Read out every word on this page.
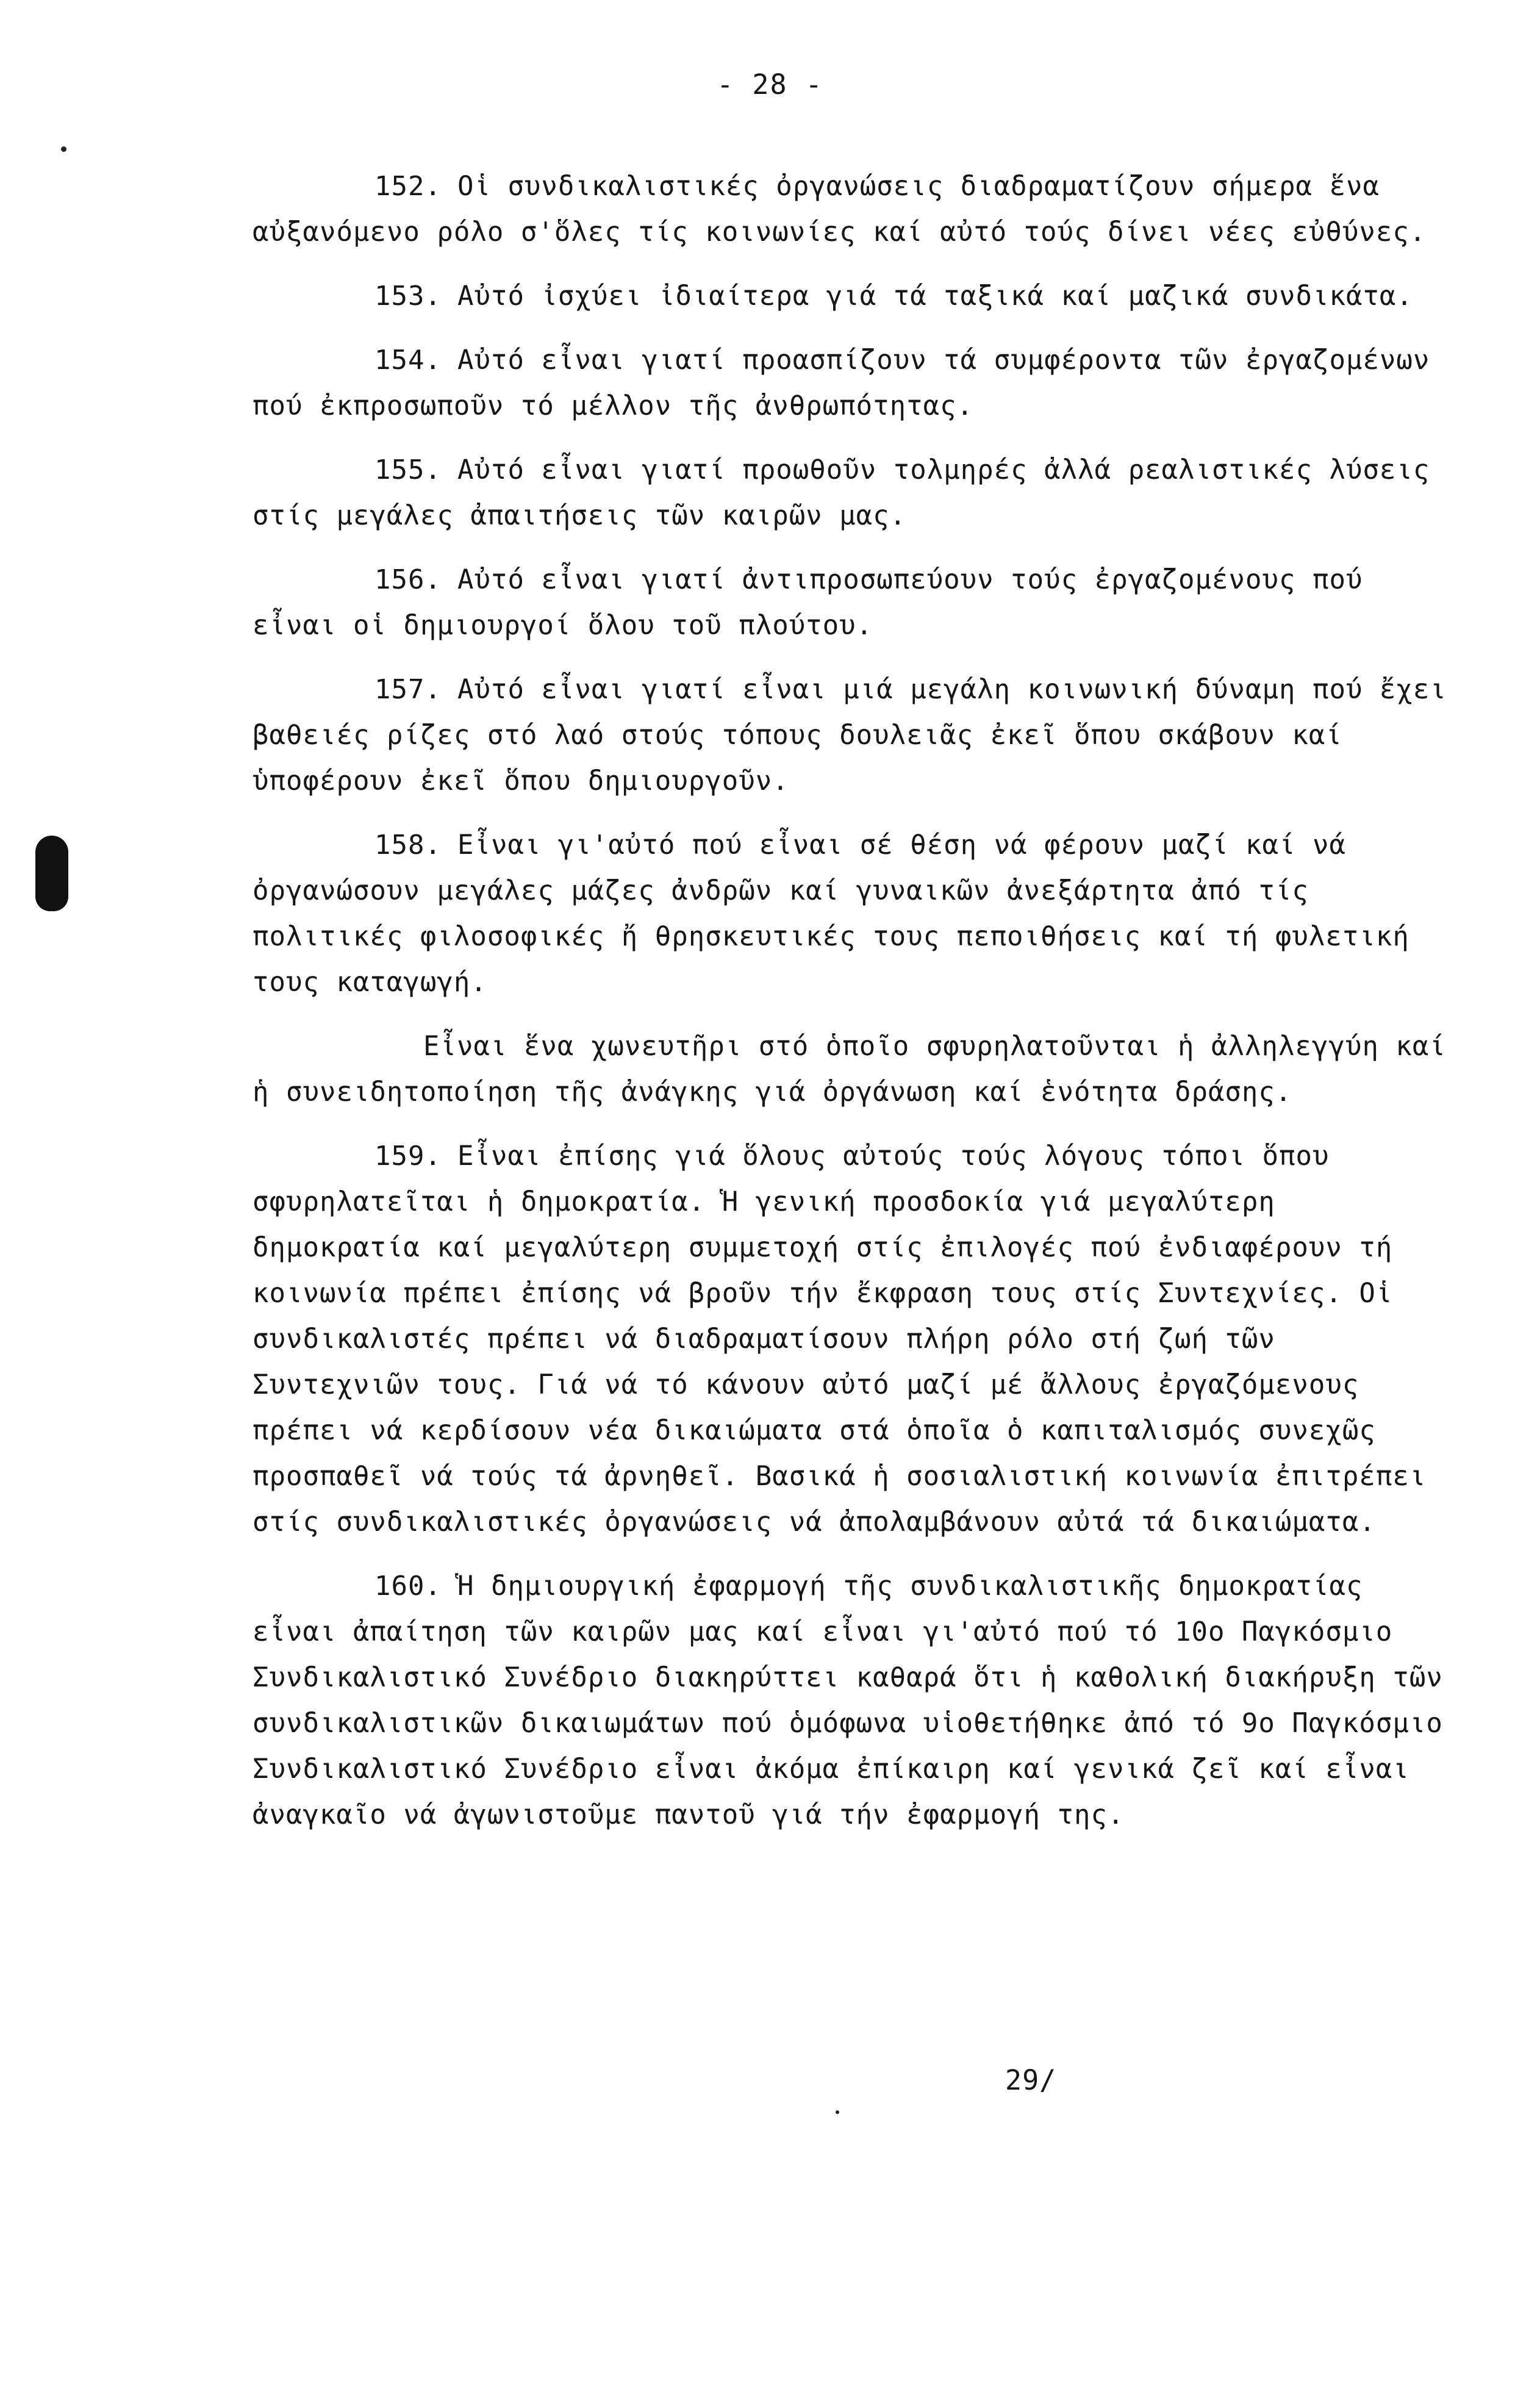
- 28 -

152. Οἱ συνδικαλιστικές ὀργανώσεις διαδραματίζουν σήμερα ἕνα αὐξανόμενο ρόλο σ'ὅλες τίς κοινωνίες καί αὐτό τούς δίνει νέες εὐθύνες.

153. Αὐτό ἰσχύει ἰδιαίτερα γιά τά ταξικά καί μαζικά συνδικάτα.

154. Αὐτό εἶναι γιατί προασπίζουν τά συμφέροντα τῶν ἐργαζομένων πού ἐκπροσωποῦν τό μέλλον τῆς ἀνθρωπότητας.

155. Αὐτό εἶναι γιατί προωθοῦν τολμηρές ἀλλά ρεαλιστικές λύσεις στίς μεγάλες ἀπαιτήσεις τῶν καιρῶν μας.

156. Αὐτό εἶναι γιατί ἀντιπροσωπεύουν τούς ἐργαζομένους πού εἶναι οἱ δημιουργοί ὅλου τοῦ πλούτου.

157. Αὐτό εἶναι γιατί εἶναι μιά μεγάλη κοινωνική δύναμη πού ἔχει βαθειές ρίζες στό λαό στούς τόπους δουλειᾶς ἐκεῖ ὅπου σκάβουν καί ὑποφέρουν ἐκεῖ ὅπου δημιουργοῦν.

158. Εἶναι γι'αὐτό πού εἶναι σέ θέση νά φέρουν μαζί καί νά ὀργανώσουν μεγάλες μάζες ἀνδρῶν καί γυναικῶν ἀνεξάρτητα ἀπό τίς πολιτικές φιλοσοφικές ἤ θρησκευτικές τους πεποιθήσεις καί τή φυλετική τους καταγωγή.

Εἶναι ἕνα χωνευτῆρι στό ὁποῖο σφυρηλατοῦνται ἡ ἀλληλεγγύη καί ἡ συνειδητοποίηση τῆς ἀνάγκης γιά ὀργάνωση καί ἑνότητα δράσης.

159. Εἶναι ἐπίσης γιά ὅλους αὐτούς τούς λόγους τόποι ὅπου σφυρηλατεῖται ἡ δημοκρατία. Ἡ γενική προσδοκία γιά μεγαλύτερη δημοκρατία καί μεγαλύτερη συμμετοχή στίς ἐπιλογές πού ἐνδιαφέρουν τή κοινωνία πρέπει ἐπίσης νά βροῦν τήν ἔκφραση τους στίς Συντεχνίες. Οἱ συνδικαλιστές πρέπει νά διαδραματίσουν πλήρη ρόλο στή ζωή τῶν Συντεχνιῶν τους. Γιά νά τό κάνουν αὐτό μαζί μέ ἄλλους ἐργαζόμενους πρέπει νά κερδίσουν νέα δικαιώματα στά ὁποῖα ὁ καπιταλισμός συνεχῶς προσπαθεῖ νά τούς τά ἀρνηθεῖ. Βασικά ἡ σοσιαλιστική κοινωνία ἐπιτρέπει στίς συνδικαλιστικές ὀργανώσεις νά ἀπολαμβάνουν αὐτά τά δικαιώματα.

160. Ἡ δημιουργική ἐφαρμογή τῆς συνδικαλιστικῆς δημοκρατίας εἶναι ἀπαίτηση τῶν καιρῶν μας καί εἶναι γι'αὐτό πού τό 10ο Παγκόσμιο Συνδικαλιστικό Συνέδριο διακηρύττει καθαρά ὅτι ἡ καθολική διακήρυξη τῶν συνδικαλιστικῶν δικαιωμάτων πού ὁμόφωνα υἱοθετήθηκε ἀπό τό 9ο Παγκόσμιο Συνδικαλιστικό Συνέδριο εἶναι ἀκόμα ἐπίκαιρη καί γενικά ζεῖ καί εἶναι ἀναγκαῖο νά ἀγωνιστοῦμε παντοῦ γιά τήν ἐφαρμογή της.

29/
